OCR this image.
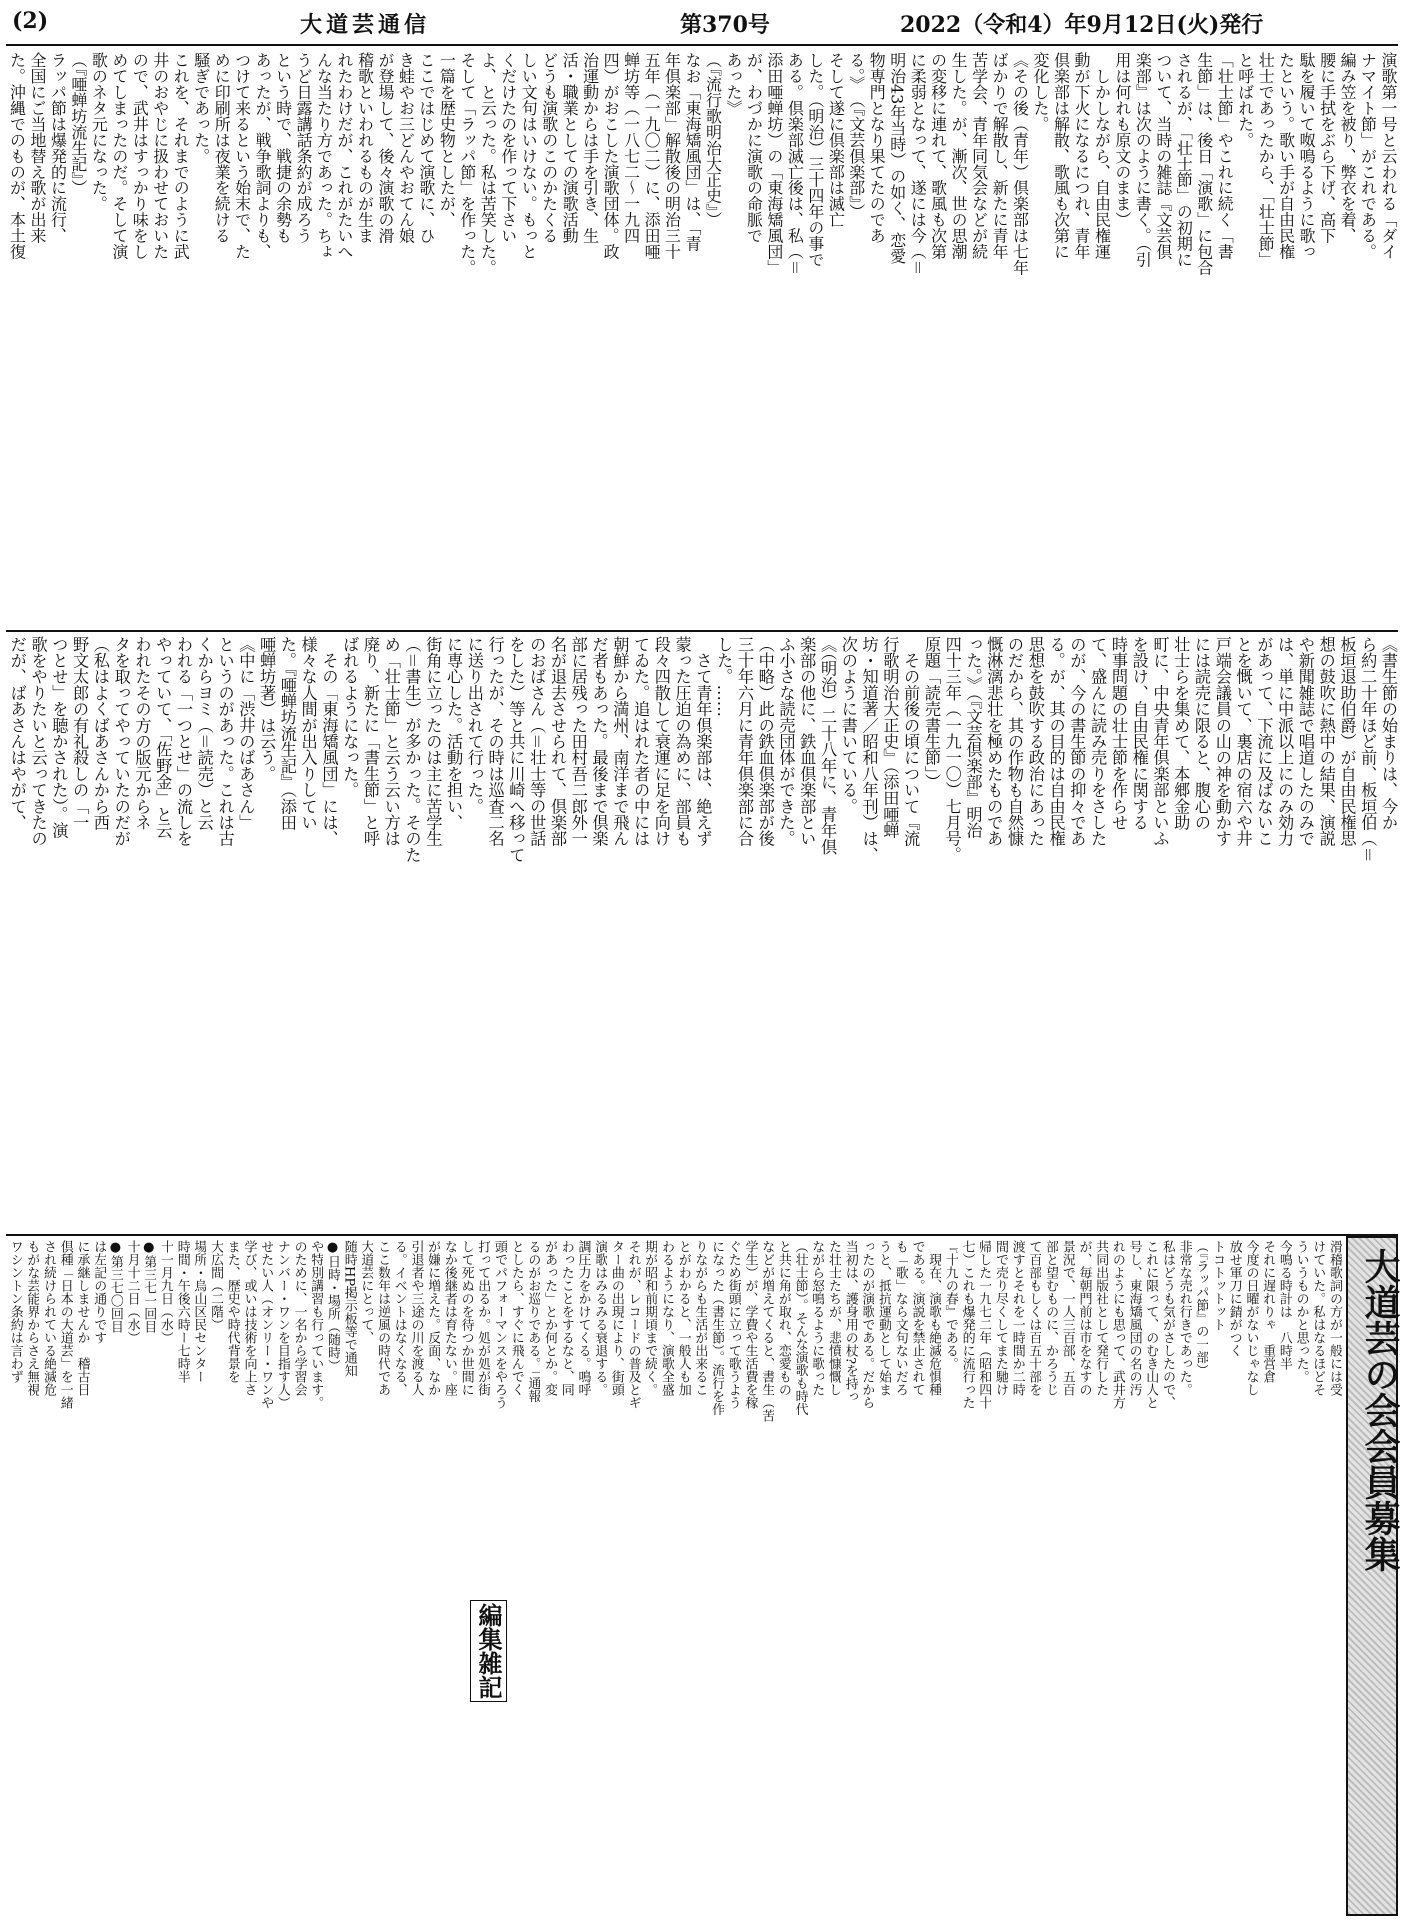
(2)	大道芸通信	第370号	2022（令和4）年9月12日(火)発行
演歌第一号と云われる「ダイ
ナマイト節」がこれである。
編み笠を被り、弊衣を着、
腰に手拭をぶら下げ、高下
駄を履いて呶鳴るように歌っ
たという。歌い手が自由民権
壮士であったから、「壮士節」
と呼ばれた。
「壮士節」やこれに続く「書
生節」は、後日「演歌」に包合
されるが、「壮士節」の初期に
ついて、当時の雑誌『文芸倶
楽部』は次のように書く。（引
用は何れも原文のまま）
　しかしながら、自由民権運
動が下火になるにつれ、青年
倶楽部は解散、歌風も次第に
変化した。
《その後（青年）倶楽部は七年
ばかりで解散し、新たに青年
苦学会、青年同気会などが続
生した。が、漸次、世の思潮
の変移に連れて、歌風も次第
に柔弱となって、遂には今（＝
明治43年当時）の如く、恋愛
物専門となり果てたのであ
る。》　（『文芸倶楽部』）
そして遂に倶楽部は滅亡
した。（明治）三十四年の事で
ある。倶楽部滅亡後は、私（＝
添田唖蝉坊）の「東海矯風団」
が、わづかに演歌の命脈で
あった》
（『流行歌明治大正史』）
なお「東海矯風団」は、「青
年倶楽部」解散後の明治三十
五年（一九〇二）に、添田唖
蝉坊等（一八七二～一九四
四）がおこした演歌団体。政
治運動からは手を引き、生
活・職業としての演歌活動
どうも演歌のこのかたくる
しい文句はいけない。もっと
くだけたのを作って下さい
よ、と云った。私は苦笑した。
そして「ラッパ節」を作った。
一篇を歴史物としたが、
ここではじめて演歌に、ひ
き蛙やお三どんやおてん娘
が登場して、後々演歌の滑
稽歌といわれるものが生ま
れたわけだが、これがたいへ
んな当たり方であった。ちょ
うど日露講話条約が成ろう
という時で、戦捷の余勢も
あったが、戦争歌詞よりも、
つけて来るという始末で、た
めに印刷所は夜業を続ける
騒ぎであった。
これを、それまでのように武
井のおやじに扱わせておいた
ので、武井はすっかり味をし
めてしまったのだ。そして演
歌のネタ元になった。
（『唖蝉坊流生記』）
ラッパ節は爆発的に流行、
全国にご当地替え歌が出来
た。沖縄でのものが、本土復
《書生節の始まりは、今か
ら約二十年ほど前、板垣伯（＝
板垣退助伯爵）が自由民権思
想の鼓吹に熱中の結果、演説
や新聞雑誌で唱道したのみで
は、単に中派以上にのみ効力
があって、下流に及ばないこ
とを慨いて、裏店の宿六や井
戸端会議員の山の神を動かす
には読売に限ると、腹心の
壮士らを集めて、本郷金助
町に、中央青年倶楽部といふ
を設け、自由民権に関する
時事問題の壮士節を作らせ
て、盛んに読み売りをさした
のが、今の書生節の抑々であ
る。が、其の目的は自由民権
思想を鼓吹する政治にあった
のだから、其の作物も自然慷
慨淋漓悲壮を極めたものであ
った。》（『文芸倶楽部』明治
四十三年（一九一〇）七月号。
原題「読売書生節」）
　その前後の頃について『流
行歌明治大正史』（添田唖蝉
坊・知道著／昭和八年刊）は、
次のように書いている。
《（明治）二十八年に、青年倶
楽部の他に、鉄血倶楽部とい
ふ小さな読売団体ができた。
（中略）此の鉄血倶楽部が後
三十年六月に青年倶楽部に合
した。……
　さて青年倶楽部は、絶えず
蒙った圧迫の為めに、部員も
段々四散して衰運に足を向け
てゐた。追はれた者の中には
朝鮮から満州、南洋まで飛ん
だ者もあった。最後まで倶楽
部に居残った田村吾二郎外一
名が退去させられて、倶楽部
のおばさん（＝壮士等の世話
をした）等と共に川崎へ移って
行ったが、その時は巡査二名
に送り出されて行った。
に専心した。活動を担い、
街角に立ったのは主に苦学生
（＝書生）が多かった。そのた
め「壮士節」と云う云い方は
廃り、新たに「書生節」と呼
ばれるようになった。
　その「東海矯風団」には、
様々な人間が出入りしてい
た。『唖蝉坊流生記』（添田
唖蝉坊著）は云う。
《中に「渋井のばあさん」
というのがあった。これは古
くからヨミ（＝読売）と云
われる「一つとせ」の流しを
やっていて、「佐野金」と云
われたその方の版元からネ
タを取ってやっていたのだが
（私はよくばあさんから西
野文太郎の有礼殺しの「一
つとせ」を聴かされた）。演
歌をやりたいと云ってきたの
だが、ばあさんはやがて、
滑稽歌詞の方が一般には受
けていた。私はなるほどそ
ういうものかと思った。
今鳴る時計は　八時半
それに遅れりゃ　重営倉
今度の日曜がないじゃなし
放せ軍刀に錆がつく
トコトットット
（『ラッパ節』の一部）
非常な売れ行きであった。
私はどうも気がさしたので、
これに限って、のむき山人と
号し、東海矯風団の名の汚
れのようにも思って、武井方
共同出版社として発行した
が、毎朝門前は市をなすの
景況で、一人三百部、五百
部と望むものに、かろうじ
て百部もしくは百五十部を
渡すとそれを一時間か二時
間で売り尽くしてまた馳け
帰した一九七二年（昭和四十
七）これも爆発的に流行った
『十九の春』である。
　現在、演歌も絶滅危惧種
である。演説を禁止されて
も「歌」なら文句ないだろ
うと、抵抗運動として始ま
ったのが演歌である。だから
当初は、護身用の杖?を持っ
た壮士たちが、悲憤慷慨し
ながら怒鳴るように歌った
（壮士節）。そんな演歌も時代
と共に角が取れ、恋愛もの
などが増えてくると、書生（苦
学生）が、学費や生活費を稼
ぐため街頭に立って歌うよう
になった（書生節）。流行を作
りながらも生活が出来るこ
とがわかると、一般人も加
わるようになり、演歌全盛
期が昭和前期頃まで続く。
それが、レコードの普及とギ
ター曲の出現により、街頭
演歌はみるみる衰退する。
調圧力をかけてくる。鳴呼
わったことをするなと、同
があった」とか何とか。変
るのがお巡りである。「通報
としたら、すぐに飛んでく
頭でパフォーマンスをやろう
打って出るか。処が処が街
して死ぬのを待つか世間に
なか後継者は育たない。座
が嫌に増えた。反面、なか
引退者や三途の川を渡る人
る。イベントはなくなる、
ここ数年は逆風の時代であ
大道芸にとって、
随時HP掲示板等で通知
●日時・場所（随時）
や特別講習も行っています。
のために、一名から学習会
ナンバー・ワンを目指す人）
せたい人（オンリー・ワンや
学び、或いは技術を向上さ
また、歴史や時代背景を
大広間（二階）
場所・烏山区民センター
時間・午後六時ー七時半
十一月九日（水）
●第三七一回目
十月十二日（水）
●第三七〇回目
は左記の通りです
に承継しませんか　稽古日
倶種「日本の大道芸」を一緒
され続けられている絶滅危
もがな芸能界からさえ無視
ワシントン条約は言わず	大道芸の会会員募集
編集雑記
